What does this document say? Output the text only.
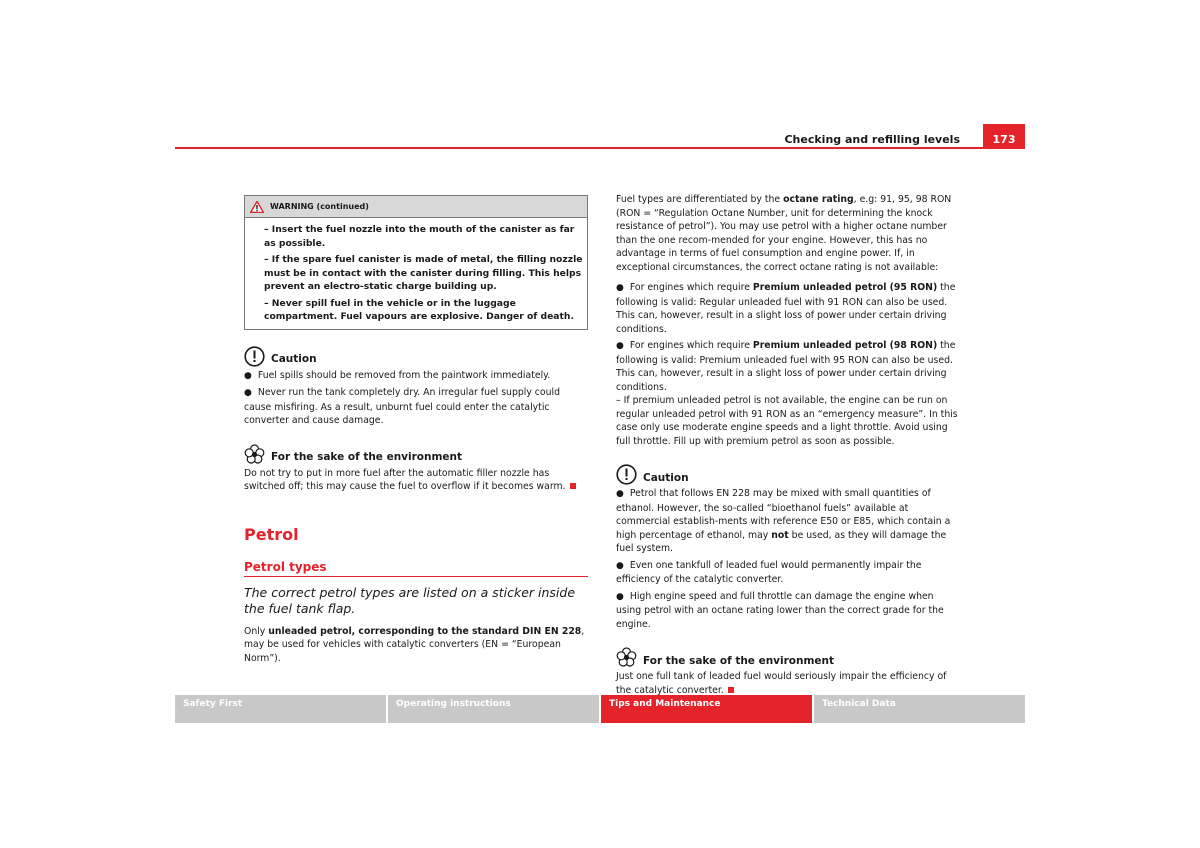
Checking and refilling levels	173
WARNING (continued)

– Insert the fuel nozzle into the mouth of the canister as far as possible.

– If the spare fuel canister is made of metal, the filling nozzle must be in contact with the canister during filling. This helps prevent an electro-static charge building up.

– Never spill fuel in the vehicle or in the luggage compartment. Fuel vapours are explosive. Danger of death.

Caution

● Fuel spills should be removed from the paintwork immediately.

● Never run the tank completely dry. An irregular fuel supply could cause misfiring. As a result, unburnt fuel could enter the catalytic converter and cause damage.

For the sake of the environment

Do not try to put in more fuel after the automatic filler nozzle has switched off; this may cause the fuel to overflow if it becomes warm.

Petrol
Petrol types
The correct petrol types are listed on a sticker inside the fuel tank flap.

Only unleaded petrol, corresponding to the standard DIN EN 228, may be used for vehicles with catalytic converters (EN = “European Norm”).

Fuel types are differentiated by the octane rating, e.g: 91, 95, 98 RON (RON = “Regulation Octane Number, unit for determining the knock resistance of petrol”). You may use petrol with a higher octane number than the one recom-mended for your engine. However, this has no advantage in terms of fuel consumption and engine power. If, in exceptional circumstances, the correct octane rating is not available:

● For engines which require Premium unleaded petrol (95 RON) the following is valid: Regular unleaded fuel with 91 RON can also be used. This can, however, result in a slight loss of power under certain driving conditions.

● For engines which require Premium unleaded petrol (98 RON) the following is valid: Premium unleaded fuel with 95 RON can also be used. This can, however, result in a slight loss of power under certain driving conditions.
– If premium unleaded petrol is not available, the engine can be run on regular unleaded petrol with 91 RON as an “emergency measure”. In this case only use moderate engine speeds and a light throttle. Avoid using full throttle. Fill up with premium petrol as soon as possible.

Caution

● Petrol that follows EN 228 may be mixed with small quantities of ethanol. However, the so-called “bioethanol fuels” available at commercial establish-ments with reference E50 or E85, which contain a high percentage of ethanol, may not be used, as they will damage the fuel system.

● Even one tankfull of leaded fuel would permanently impair the efficiency of the catalytic converter.

● High engine speed and full throttle can damage the engine when using petrol with an octane rating lower than the correct grade for the engine.

For the sake of the environment

Just one full tank of leaded fuel would seriously impair the efficiency of the catalytic converter.

Safety First	Operating instructions	Tips and Maintenance	Technical Data
